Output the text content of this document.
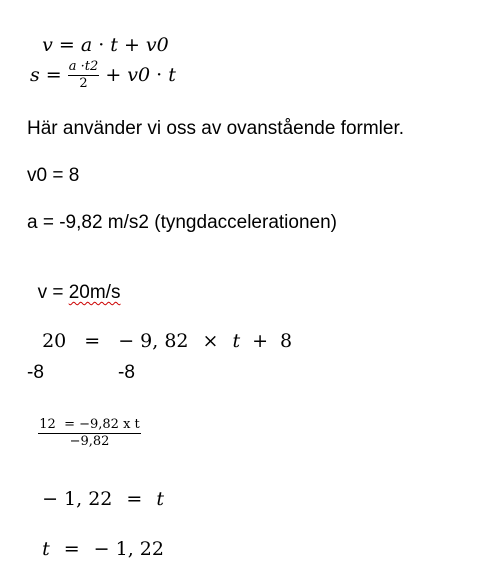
v = a · t + v0

$s = \frac{a \cdot t2}{2} + v0 \cdot t$
Här använder vi oss av ovanstående formler.
v0 = 8
a = -9,82 m/s2 (tyngdaccelerationen)

v = 20m/s

20 = − 9, 82 × t + 8

-8	-8

$\frac{\text{12  = −9,82 x t}}{-9,82}$

− 1, 22 = t

t = − 1, 22
